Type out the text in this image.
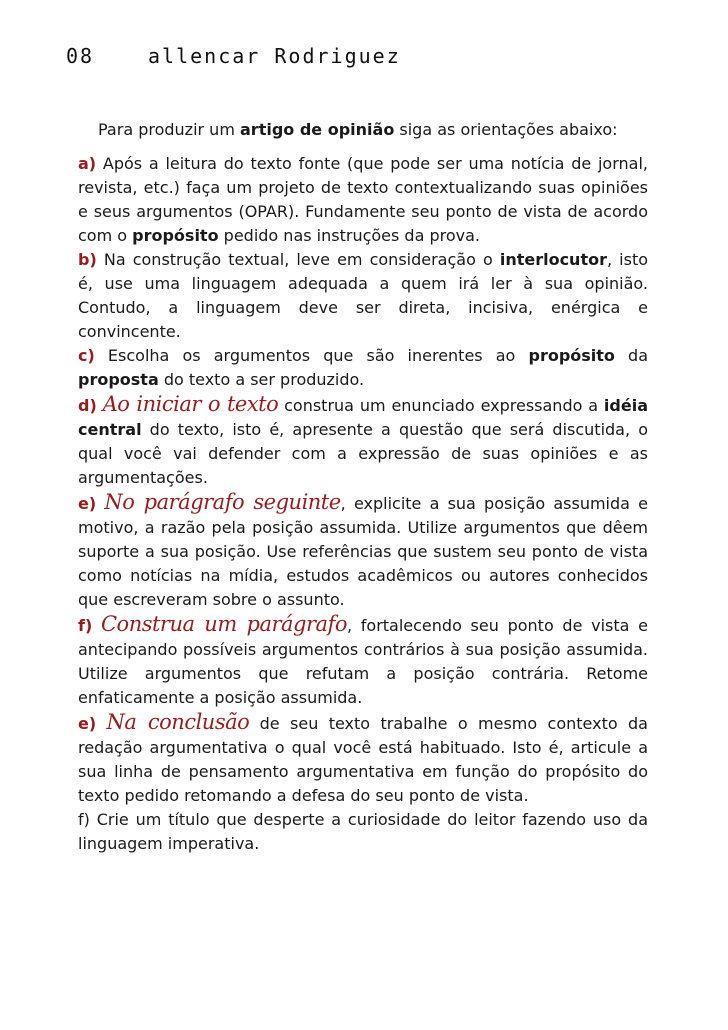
08	allencar Rodriguez

Para produzir um artigo de opinião siga as orientações abaixo:

a) Após a leitura do texto fonte (que pode ser uma notícia de jornal, revista, etc.) faça um projeto de texto contextualizando suas opiniões e seus argumentos (OPAR). Fundamente seu ponto de vista de acordo com o propósito pedido nas instruções da prova.

b) Na construção textual, leve em consideração o interlocutor, isto é, use uma linguagem adequada a quem irá ler à sua opinião. Contudo, a linguagem deve ser direta, incisiva, enérgica e convincente.

c) Escolha os argumentos que são inerentes ao propósito da proposta do texto a ser produzido.

d) Ao iniciar o texto construa um enunciado expressando a idéia central do texto, isto é, apresente a questão que será discutida, o qual você vai defender com a expressão de suas opiniões e as argumentações.

e) No parágrafo seguinte, explicite a sua posição assumida e motivo, a razão pela posição assumida. Utilize argumentos que dêem suporte a sua posição. Use referências que sustem seu ponto de vista como notícias na mídia, estudos acadêmicos ou autores conhecidos que escreveram sobre o assunto.

f) Construa um parágrafo, fortalecendo seu ponto de vista e antecipando possíveis argumentos contrários à sua posição assumida. Utilize argumentos que refutam a posição contrária. Retome enfaticamente a posição assumida.

e) Na conclusão de seu texto trabalhe o mesmo contexto da redação argumentativa o qual você está habituado. Isto é, articule a sua linha de pensamento argumentativa em função do propósito do texto pedido retomando a defesa do seu ponto de vista.

f) Crie um título que desperte a curiosidade do leitor fazendo uso da linguagem imperativa.
